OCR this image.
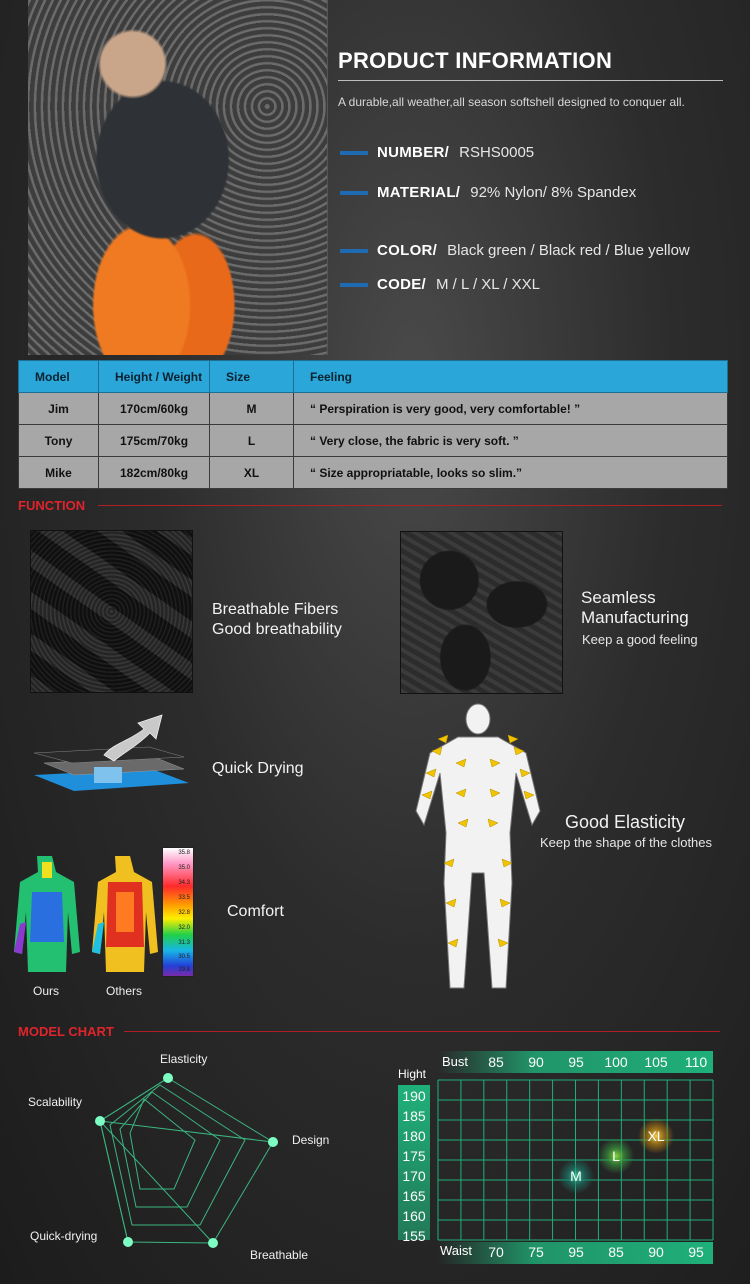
PRODUCT INFORMATION
A durable,all weather,all season softshell designed to conquer all.
NUMBER/ RSHS0005
MATERIAL/ 92% Nylon/ 8% Spandex
COLOR/ Black green / Black red / Blue yellow
CODE/ M / L / XL / XXL
Model	Height / Weight	Size	Feeling
Jim	170cm/60kg	M	“ Perspiration is very good, very comfortable! ”
Tony	175cm/70kg	L	“ Very close, the fabric is very soft. ”
Mike	182cm/80kg	XL	“ Size appropriatable, looks so slim.”
FUNCTION
Breathable Fibers
Good breathability
Seamless
Manufacturing
Keep a good feeling
Quick Drying
Good Elasticity
Keep the shape of the clothes
35.8
35.0
34.3
33.5
32.8
32.0
31.3
30.5
29.8
Ours	Others
Comfort
MODEL CHART
Elasticity
Design
Breathable
Quick-drying
Scalability
Bust 85 90 95 100 105 110
Hight
190
185
180
175
170
165
160
155
Waist 70 75 95 85 90 95
M
L
XL
